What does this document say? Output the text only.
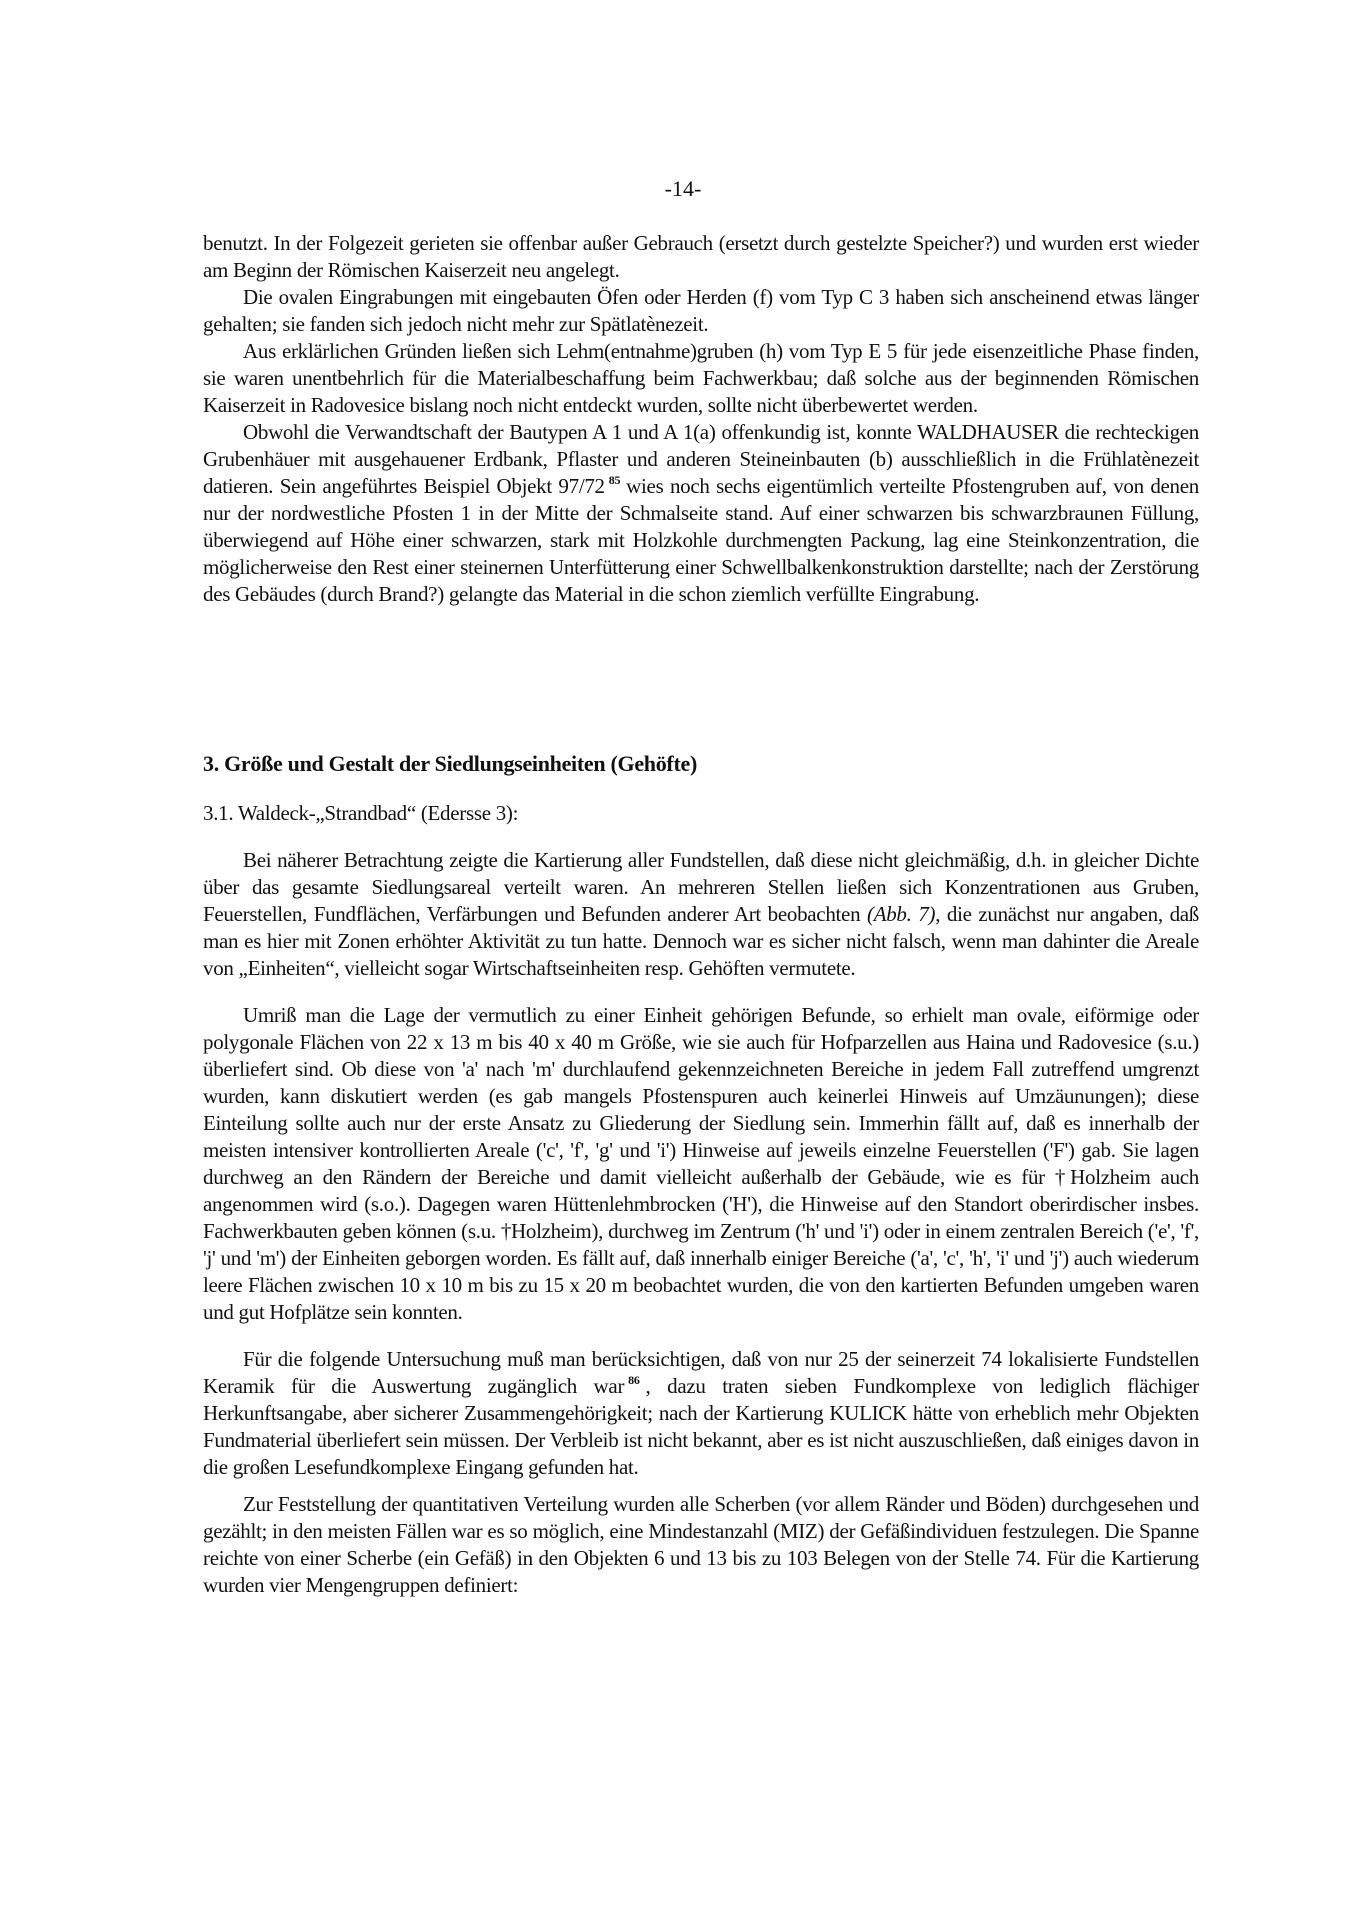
-14-

benutzt. In der Folgezeit gerieten sie offenbar außer Gebrauch (ersetzt durch gestelzte Speicher?) und wurden erst wieder am Beginn der Römischen Kaiserzeit neu angelegt.

Die ovalen Eingrabungen mit eingebauten Öfen oder Herden (f) vom Typ C 3 haben sich anscheinend etwas länger gehalten; sie fanden sich jedoch nicht mehr zur Spätlatènezeit.

Aus erklärlichen Gründen ließen sich Lehm(entnahme)gruben (h) vom Typ E 5 für jede eisenzeitliche Phase finden, sie waren unentbehrlich für die Materialbeschaffung beim Fachwerkbau; daß solche aus der beginnenden Römischen Kaiserzeit in Radovesice bislang noch nicht entdeckt wurden, sollte nicht überbewertet werden.

Obwohl die Verwandtschaft der Bautypen A 1 und A 1(a) offenkundig ist, konnte WALDHAUSER die rechteckigen Grubenhäuer mit ausgehauener Erdbank, Pflaster und anderen Steineinbauten (b) ausschließlich in die Frühlatènezeit datieren. Sein angeführtes Beispiel Objekt 97/72 $^{85}$ wies noch sechs eigentümlich verteilte Pfostengruben auf, von denen nur der nordwestliche Pfosten 1 in der Mitte der Schmalseite stand. Auf einer schwarzen bis schwarzbraunen Füllung, überwiegend auf Höhe einer schwarzen, stark mit Holzkohle durchmengten Packung, lag eine Steinkonzentration, die möglicherweise den Rest einer steinernen Unterfütterung einer Schwellbalkenkonstruktion darstellte; nach der Zerstörung des Gebäudes (durch Brand?) gelangte das Material in die schon ziemlich verfüllte Eingrabung.

3. Größe und Gestalt der Siedlungseinheiten (Gehöfte)
3.1. Waldeck-„Strandbad“ (Edersse 3):

Bei näherer Betrachtung zeigte die Kartierung aller Fundstellen, daß diese nicht gleichmäßig, d.h. in gleicher Dichte über das gesamte Siedlungsareal verteilt waren. An mehreren Stellen ließen sich Konzentrationen aus Gruben, Feuerstellen, Fundflächen, Verfärbungen und Befunden anderer Art beobachten (Abb. 7), die zunächst nur angaben, daß man es hier mit Zonen erhöhter Aktivität zu tun hatte. Dennoch war es sicher nicht falsch, wenn man dahinter die Areale von „Einheiten“, vielleicht sogar Wirtschaftseinheiten resp. Gehöften vermutete.

Umriß man die Lage der vermutlich zu einer Einheit gehörigen Befunde, so erhielt man ovale, eiförmige oder polygonale Flächen von 22 x 13 m bis 40 x 40 m Größe, wie sie auch für Hofparzellen aus Haina und Radovesice (s.u.) überliefert sind. Ob diese von 'a' nach 'm' durchlaufend gekennzeichneten Bereiche in jedem Fall zutreffend umgrenzt wurden, kann diskutiert werden (es gab mangels Pfostenspuren auch keinerlei Hinweis auf Umzäunungen); diese Einteilung sollte auch nur der erste Ansatz zu Gliederung der Siedlung sein. Immerhin fällt auf, daß es innerhalb der meisten intensiver kontrollierten Areale ('c', 'f', 'g' und 'i') Hinweise auf jeweils einzelne Feuerstellen ('F') gab. Sie lagen durchweg an den Rändern der Bereiche und damit vielleicht außerhalb der Gebäude, wie es für †Holzheim auch angenommen wird (s.o.). Dagegen waren Hüttenlehmbrocken ('H'), die Hinweise auf den Standort oberirdischer insbes. Fachwerkbauten geben können (s.u. †Holzheim), durchweg im Zentrum ('h' und 'i') oder in einem zentralen Bereich ('e', 'f', 'j' und 'm') der Einheiten geborgen worden. Es fällt auf, daß innerhalb einiger Bereiche ('a', 'c', 'h', 'i' und 'j') auch wiederum leere Flächen zwischen 10 x 10 m bis zu 15 x 20 m beobachtet wurden, die von den kartierten Befunden umgeben waren und gut Hofplätze sein konnten.

Für die folgende Untersuchung muß man berücksichtigen, daß von nur 25 der seinerzeit 74 lokalisierte Fundstellen Keramik für die Auswertung zugänglich war $^{86}$ , dazu traten sieben Fundkomplexe von lediglich flächiger Herkunftsangabe, aber sicherer Zusammengehörigkeit; nach der Kartierung KULICK hätte von erheblich mehr Objekten Fundmaterial überliefert sein müssen. Der Verbleib ist nicht bekannt, aber es ist nicht auszuschließen, daß einiges davon in die großen Lesefundkomplexe Eingang gefunden hat.

Zur Feststellung der quantitativen Verteilung wurden alle Scherben (vor allem Ränder und Böden) durchgesehen und gezählt; in den meisten Fällen war es so möglich, eine Mindestanzahl (MIZ) der Gefäßindividuen festzulegen. Die Spanne reichte von einer Scherbe (ein Gefäß) in den Objekten 6 und 13 bis zu 103 Belegen von der Stelle 74. Für die Kartierung wurden vier Mengengruppen definiert:
